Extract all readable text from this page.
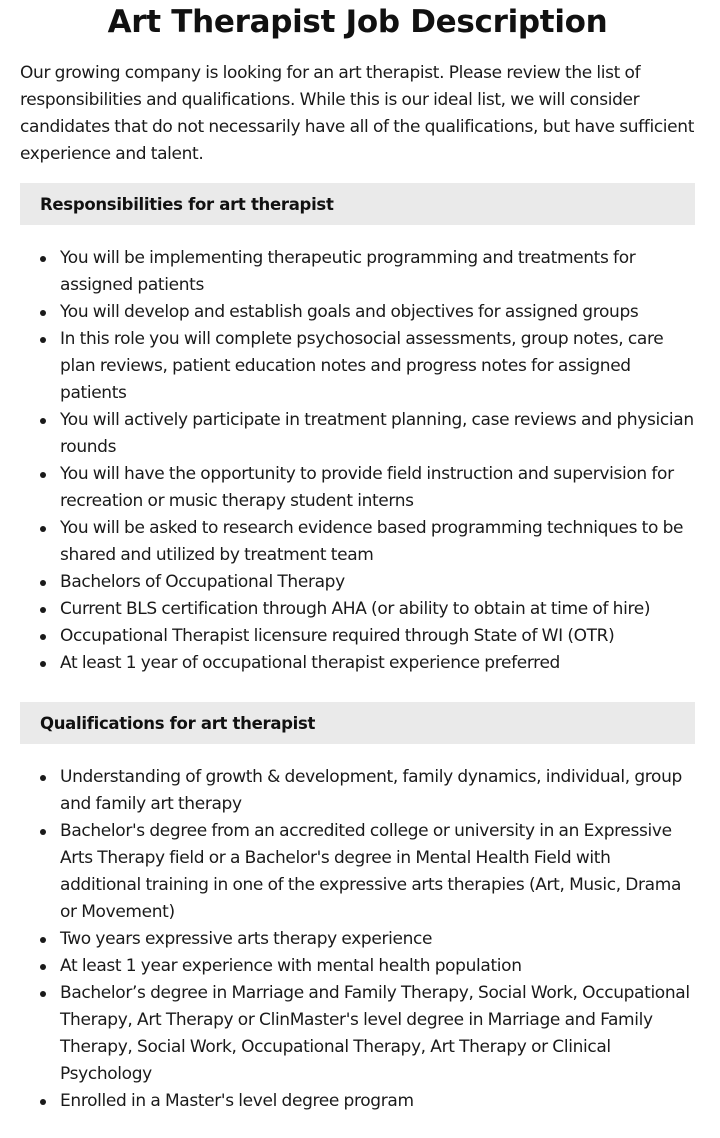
Art Therapist Job Description

Our growing company is looking for an art therapist. Please review the list of responsibilities and qualifications. While this is our ideal list, we will consider candidates that do not necessarily have all of the qualifications, but have sufficient experience and talent.

Responsibilities for art therapist
You will be implementing therapeutic programming and treatments for assigned patients
You will develop and establish goals and objectives for assigned groups
In this role you will complete psychosocial assessments, group notes, care plan reviews, patient education notes and progress notes for assigned patients
You will actively participate in treatment planning, case reviews and physician rounds
You will have the opportunity to provide field instruction and supervision for recreation or music therapy student interns
You will be asked to research evidence based programming techniques to be shared and utilized by treatment team
Bachelors of Occupational Therapy
Current BLS certification through AHA (or ability to obtain at time of hire)
Occupational Therapist licensure required through State of WI (OTR)
At least 1 year of occupational therapist experience preferred
Qualifications for art therapist
Understanding of growth & development, family dynamics, individual, group and family art therapy
Bachelor's degree from an accredited college or university in an Expressive Arts Therapy field or a Bachelor's degree in Mental Health Field with additional training in one of the expressive arts therapies (Art, Music, Drama or Movement)
Two years expressive arts therapy experience
At least 1 year experience with mental health population
Bachelor’s degree in Marriage and Family Therapy, Social Work, Occupational Therapy, Art Therapy or ClinMaster's level degree in Marriage and Family Therapy, Social Work, Occupational Therapy, Art Therapy or Clinical Psychology
Enrolled in a Master's level degree program
